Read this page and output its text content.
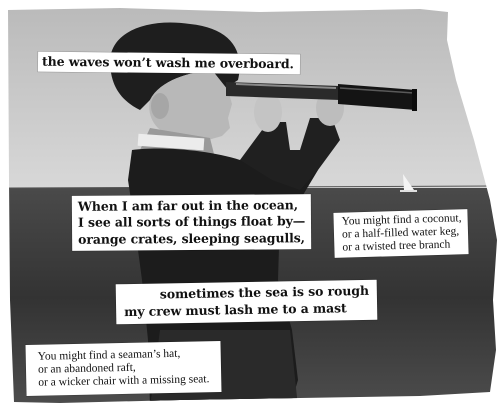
the waves won’t wash me overboard.
When I am far out in the ocean,
I see all sorts of things float by—
orange crates, sleeping seagulls,
You might find a coconut,
or a half-filled water keg,
or a twisted tree branch
sometimes the sea is so rough
my crew must lash me to a mast
You might find a seaman’s hat,
or an abandoned raft,
or a wicker chair with a missing seat.
